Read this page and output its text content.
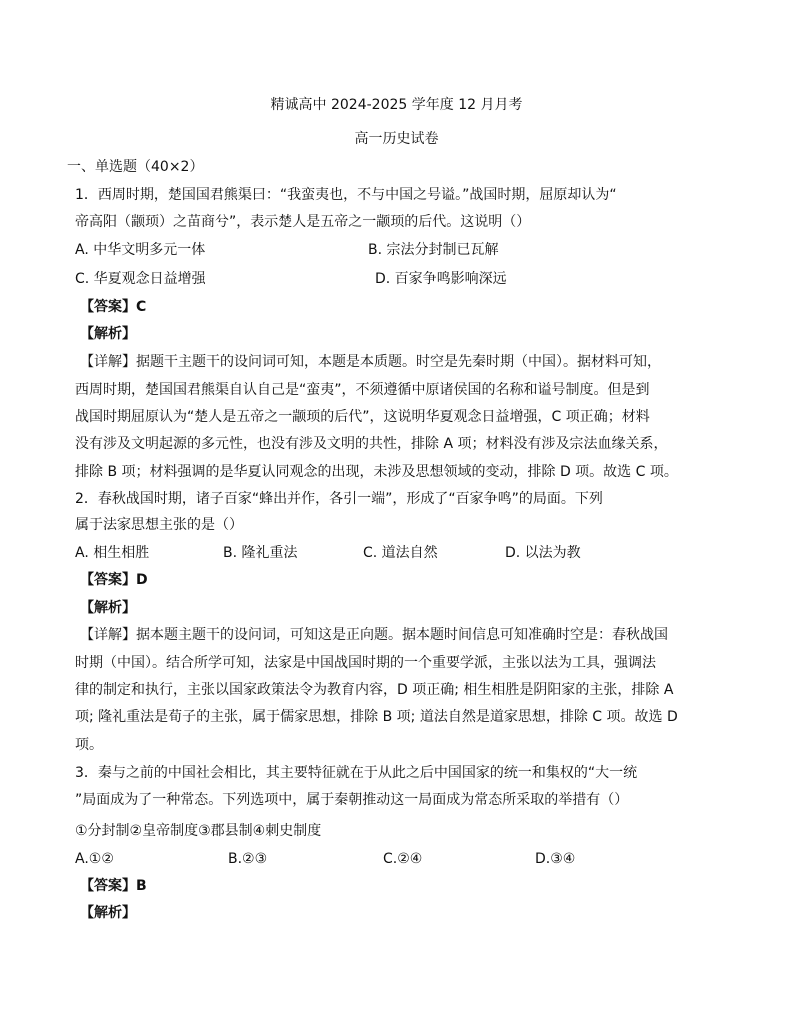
精诚高中 2024-2025 学年度 12 月月考
高一历史试卷
一、单选题（40×2）
1．西周时期，楚国国君熊渠曰：“我蛮夷也，不与中国之号谥。”战国时期，屈原却认为“
帝高阳（颛顼）之苗商兮”，表示楚人是五帝之一颛顼的后代。这说明（）
A. 中华文明多元一体	B. 宗法分封制已瓦解
C. 华夏观念日益增强	D. 百家争鸣影响深远
【答案】C
【解析】
【详解】据题干主题干的设问词可知，本题是本质题。时空是先秦时期（中国）。据材料可知，
西周时期，楚国国君熊渠自认自己是“蛮夷”，不须遵循中原诸侯国的名称和谥号制度。但是到
战国时期屈原认为“楚人是五帝之一颛顼的后代”，这说明华夏观念日益增强，C 项正确；材料
没有涉及文明起源的多元性，也没有涉及文明的共性，排除 A 项；材料没有涉及宗法血缘关系，
排除 B 项；材料强调的是华夏认同观念的出现，未涉及思想领域的变动，排除 D 项。故选 C 项。
2．春秋战国时期，诸子百家“蜂出并作，各引一端”，形成了“百家争鸣”的局面。下列
属于法家思想主张的是（）
A. 相生相胜	B. 隆礼重法	C. 道法自然	D. 以法为教
【答案】D
【解析】
【详解】据本题主题干的设问词，可知这是正向题。据本题时间信息可知准确时空是：春秋战国
时期（中国）。结合所学可知，法家是中国战国时期的一个重要学派，主张以法为工具，强调法
律的制定和执行，主张以国家政策法令为教育内容，D 项正确; 相生相胜是阴阳家的主张，排除 A
项; 隆礼重法是荀子的主张，属于儒家思想，排除 B 项; 道法自然是道家思想，排除 C 项。故选 D
项。
3．秦与之前的中国社会相比，其主要特征就在于从此之后中国国家的统一和集权的“大一统
”局面成为了一种常态。下列选项中，属于秦朝推动这一局面成为常态所采取的举措有（）
①分封制②皇帝制度③郡县制④刺史制度
A.①②	B.②③	C.②④	D.③④
【答案】B
【解析】
